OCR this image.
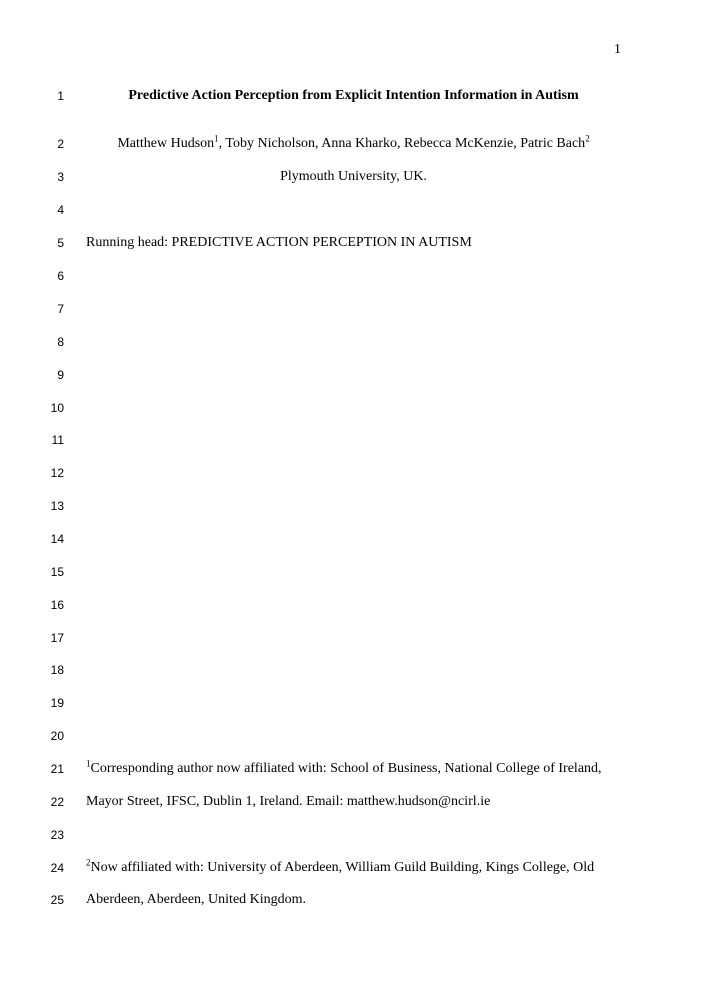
1
1
2
3
4
5
6
7
8
9
10
11
12
13
14
15
16
17
18
19
20
21
22
23
24
25
Predictive Action Perception from Explicit Intention Information in Autism
Matthew Hudson$^1$, Toby Nicholson, Anna Kharko, Rebecca McKenzie, Patric Bach$^2$
Plymouth University, UK.
Running head: PREDICTIVE ACTION PERCEPTION IN AUTISM
$^1$Corresponding author now affiliated with: School of Business, National College of Ireland,
Mayor Street, IFSC, Dublin 1, Ireland. Email: matthew.hudson@ncirl.ie
$^2$Now affiliated with: University of Aberdeen, William Guild Building, Kings College, Old
Aberdeen, Aberdeen, United Kingdom.
